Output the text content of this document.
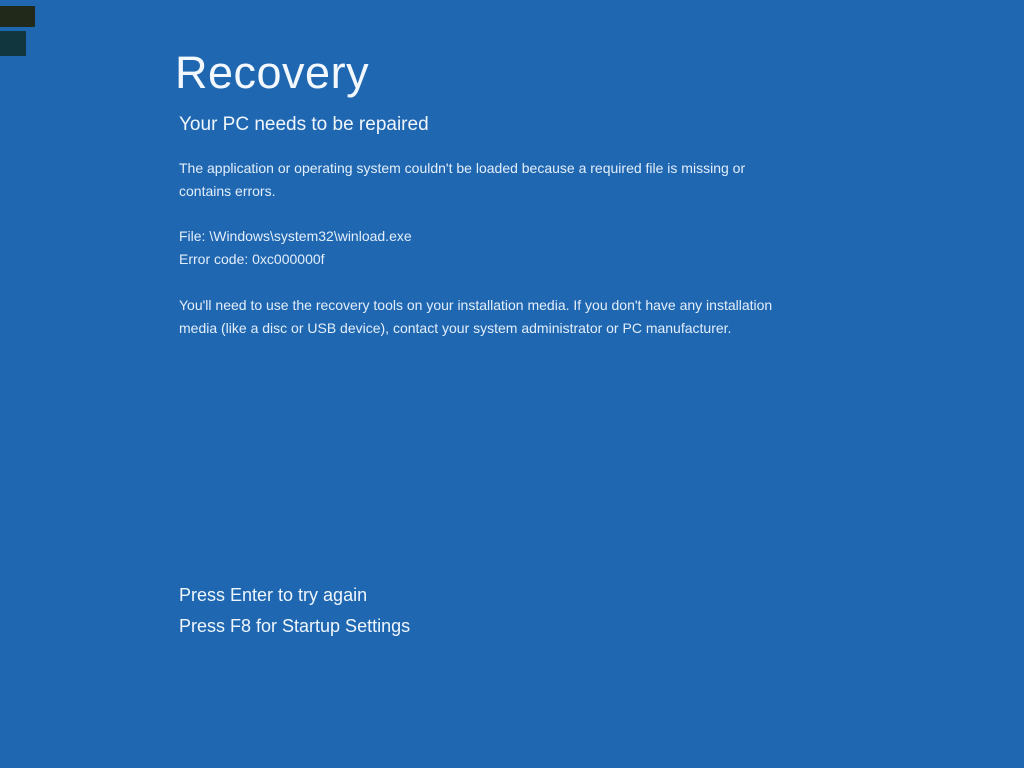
Recovery
Your PC needs to be repaired
The application or operating system couldn't be loaded because a required file is missing or
contains errors.
File: \Windows\system32\winload.exe
Error code: 0xc000000f
You'll need to use the recovery tools on your installation media. If you don't have any installation
media (like a disc or USB device), contact your system administrator or PC manufacturer.
Press Enter to try again
Press F8 for Startup Settings
